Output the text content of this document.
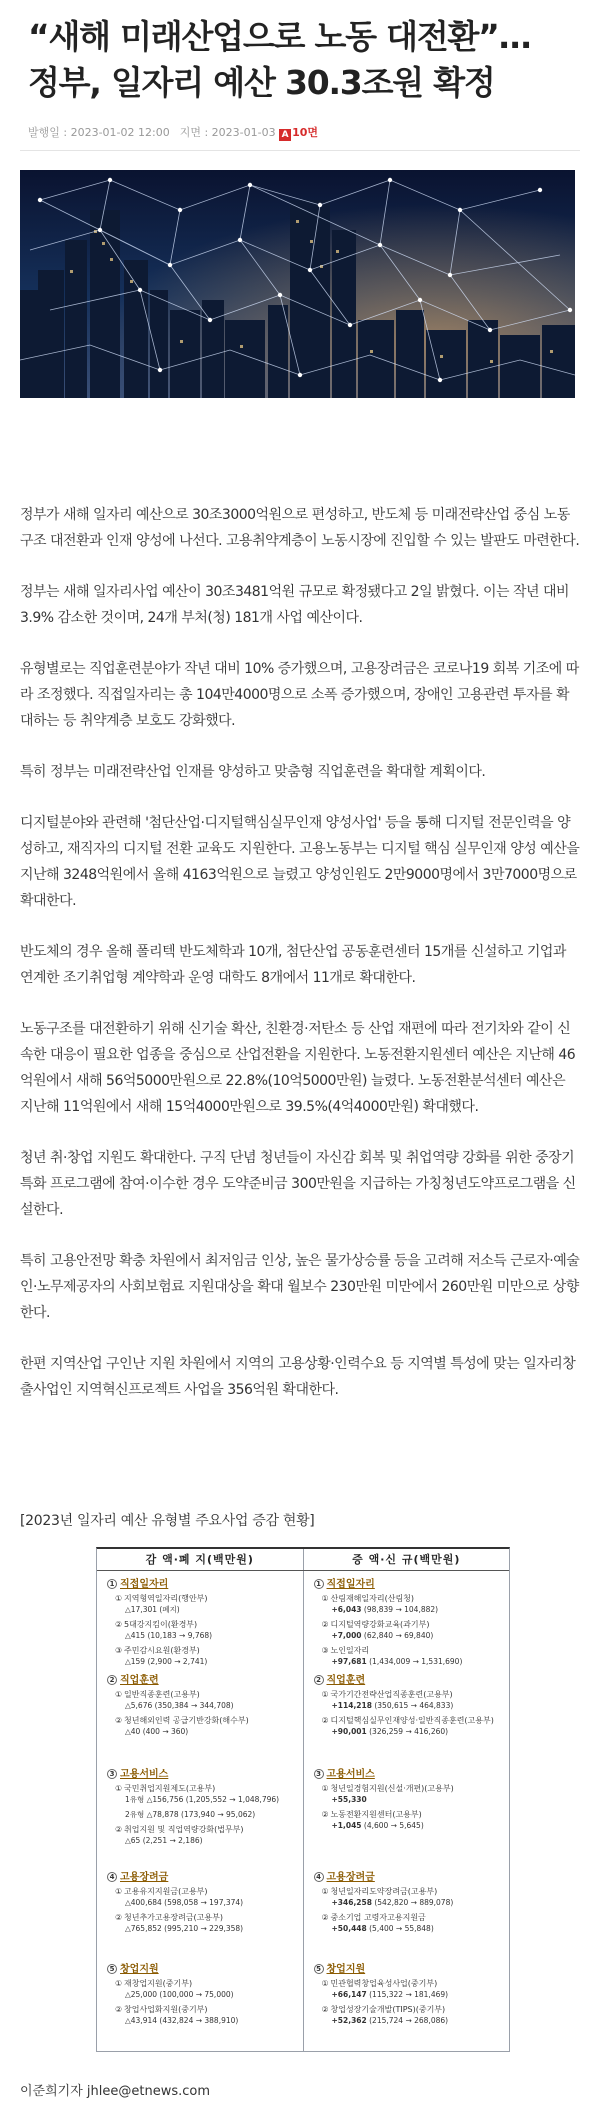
“새해 미래산업으로 노동 대전환”…
정부, 일자리 예산 30.3조원 확정
발행일 : 2023-01-02 12:00 지면 : 2023-01-03 A 10면

정부가 새해 일자리 예산으로 30조3000억원으로 편성하고, 반도체 등 미래전략산업 중심 노동구조 대전환과 인재 양성에 나선다. 고용취약계층이 노동시장에 진입할 수 있는 발판도 마련한다.

정부는 새해 일자리사업 예산이 30조3481억원 규모로 확정됐다고 2일 밝혔다. 이는 작년 대비 3.9% 감소한 것이며, 24개 부처(청) 181개 사업 예산이다.

유형별로는 직업훈련분야가 작년 대비 10% 증가했으며, 고용장려금은 코로나19 회복 기조에 따라 조정했다. 직접일자리는 총 104만4000명으로 소폭 증가했으며, 장애인 고용관련 투자를 확대하는 등 취약계층 보호도 강화했다.

특히 정부는 미래전략산업 인재를 양성하고 맞춤형 직업훈련을 확대할 계획이다.

디지털분야와 관련해 '첨단산업·디지털핵심실무인재 양성사업' 등을 통해 디지털 전문인력을 양성하고, 재직자의 디지털 전환 교육도 지원한다. 고용노동부는 디지털 핵심 실무인재 양성 예산을 지난해 3248억원에서 올해 4163억원으로 늘렸고 양성인원도 2만9000명에서 3만7000명으로 확대한다.

반도체의 경우 올해 폴리텍 반도체학과 10개, 첨단산업 공동훈련센터 15개를 신설하고 기업과 연계한 조기취업형 계약학과 운영 대학도 8개에서 11개로 확대한다.

노동구조를 대전환하기 위해 신기술 확산, 친환경·저탄소 등 산업 재편에 따라 전기차와 같이 신속한 대응이 필요한 업종을 중심으로 산업전환을 지원한다. 노동전환지원센터 예산은 지난해 46억원에서 새해 56억5000만원으로 22.8%(10억5000만원) 늘렸다. 노동전환분석센터 예산은 지난해 11억원에서 새해 15억4000만원으로 39.5%(4억4000만원) 확대했다.

청년 취·창업 지원도 확대한다. 구직 단념 청년들이 자신감 회복 및 취업역량 강화를 위한 중장기 특화 프로그램에 참여·이수한 경우 도약준비금 300만원을 지급하는 가칭청년도약프로그램을 신설한다.

특히 고용안전망 확충 차원에서 최저임금 인상, 높은 물가상승률 등을 고려해 저소득 근로자·예술인·노무제공자의 사회보험료 지원대상을 확대 월보수 230만원 미만에서 260만원 미만으로 상향한다.

한편 지역산업 구인난 지원 차원에서 지역의 고용상황·인력수요 등 지역별 특성에 맞는 일자리창출사업인 지역혁신프로젝트 사업을 356억원 확대한다.

[2023년 일자리 예산 유형별 주요사업 증감 현황]
감 액·폐 지(백만원)	증 액·신 규(백만원)
1 직접일자리
① 지역형역일자리(행안부)
△17,301 (폐지)
② 5대강지킴이(환경부)
△415 (10,183 → 9,768)
③ 주민감시요원(환경부)
△159 (2,900 → 2,741)
2 직업훈련
① 일반직종훈련(고용부)
△5,676 (350,384 → 344,708)
② 청년해외인력 공급기반강화(해수부)
△40 (400 → 360)
3 고용서비스
① 국민취업지원제도(고용부)
1유형 △156,756 (1,205,552 → 1,048,796)
2유형 △78,878 (173,940 → 95,062)
② 취업지원 및 직업역량강화(법무부)
△65 (2,251 → 2,186)
4 고용장려금
① 고용유지지원금(고용부)
△400,684 (598,058 → 197,374)
② 청년추가고용장려금(고용부)
△765,852 (995,210 → 229,358)
5 창업지원
① 재창업지원(중기부)
△25,000 (100,000 → 75,000)
② 창업사업화지원(중기부)
△43,914 (432,824 → 388,910)
1 직접일자리
① 산림재해일자리(산림청)
+6,043 (98,839 → 104,882)
② 디지털역량강화교육(과기부)
+7,000 (62,840 → 69,840)
③ 노인일자리
+97,681 (1,434,009 → 1,531,690)
2 직업훈련
① 국가기간전략산업직종훈련(고용부)
+114,218 (350,615 → 464,833)
② 디지털핵심실무인재양성·일반직종훈련(고용부)
+90,001 (326,259 → 416,260)
3 고용서비스
① 청년일경험지원(신설·개편)(고용부)
+55,330
② 노동전환지원센터(고용부)
+1,045 (4,600 → 5,645)
4 고용장려금
① 청년일자리도약장려금(고용부)
+346,258 (542,820 → 889,078)
② 중소기업 고령자고용지원금
+50,448 (5,400 → 55,848)
5 창업지원
① 민관협력창업육성사업(중기부)
+66,147 (115,322 → 181,469)
② 창업성장기술개발(TIPS)(중기부)
+52,362 (215,724 → 268,086)
이준희기자 jhlee@etnews.com
